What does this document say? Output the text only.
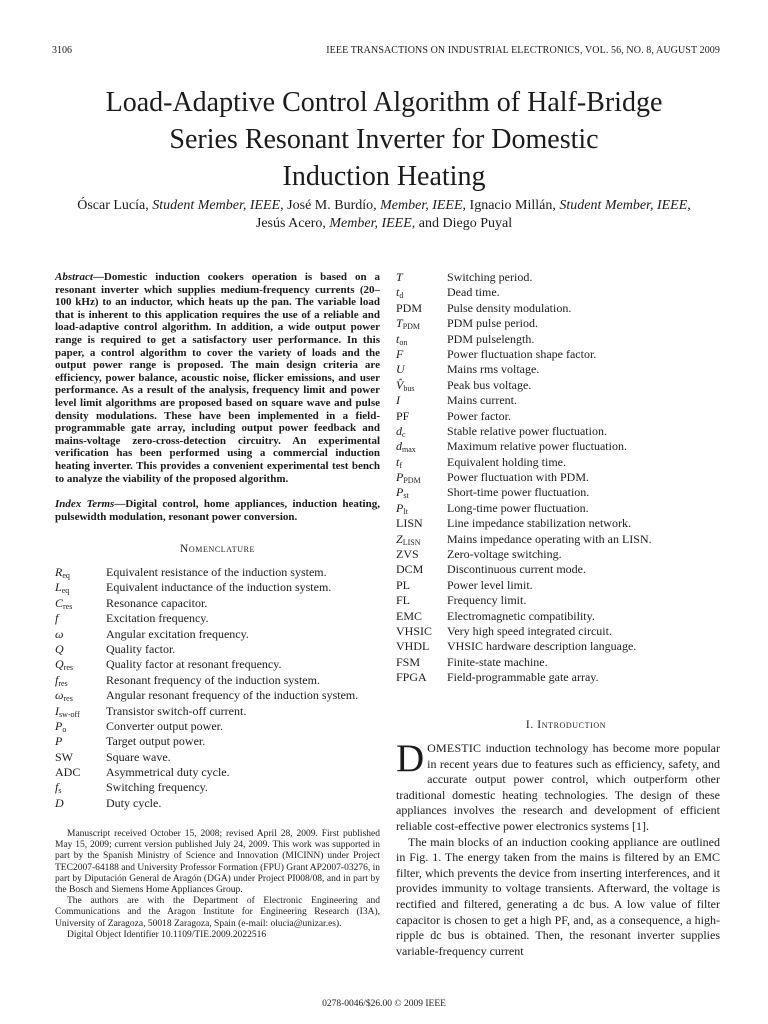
3106	IEEE TRANSACTIONS ON INDUSTRIAL ELECTRONICS, VOL. 56, NO. 8, AUGUST 2009
Load-Adaptive Control Algorithm of Half-Bridge
Series Resonant Inverter for Domestic
Induction Heating
Óscar Lucía, Student Member, IEEE, José M. Burdío, Member, IEEE, Ignacio Millán, Student Member, IEEE,
Jesús Acero, Member, IEEE, and Diego Puyal
Abstract—Domestic induction cookers operation is based on a resonant inverter which supplies medium-frequency currents (20–100 kHz) to an inductor, which heats up the pan. The variable load that is inherent to this application requires the use of a reliable and load-adaptive control algorithm. In addition, a wide output power range is required to get a satisfactory user performance. In this paper, a control algorithm to cover the variety of loads and the output power range is proposed. The main design criteria are efficiency, power balance, acoustic noise, flicker emissions, and user performance. As a result of the analysis, frequency limit and power level limit algorithms are proposed based on square wave and pulse density modulations. These have been implemented in a field-programmable gate array, including output power feedback and mains-voltage zero-cross-detection circuitry. An experimental verification has been performed using a commercial induction heating inverter. This provides a convenient experimental test bench to analyze the viability of the proposed algorithm.
Index Terms—Digital control, home appliances, induction heating, pulsewidth modulation, resonant power conversion.
Nomenclature
$R_{eq}$	Equivalent resistance of the induction system.
$L_{eq}$	Equivalent inductance of the induction system.
$C_{res}$	Resonance capacitor.
f	Excitation frequency.
ω	Angular excitation frequency.
Q	Quality factor.
$Q_{res}$	Quality factor at resonant frequency.
$f_{res}$	Resonant frequency of the induction system.
$\omega_{res}$	Angular resonant frequency of the induction system.
$I_{sw-off}$ Transistor switch-off current.
$P_o$	Converter output power.
P	Target output power.
SW	Square wave.
ADC Asymmetrical duty cycle.
$f_s$	Switching frequency.
D	Duty cycle.
T	Switching period.
$t_d$	Dead time.
PDM Pulse density modulation.
$T_{PDM}$ PDM pulse period.
$t_{on}$	PDM pulselength.
F	Power fluctuation shape factor.
U	Mains rms voltage.
$V̂_{bus}$	Peak bus voltage.
I	Mains current.
PF	Power factor.
$d_c$	Stable relative power fluctuation.
$d_{max}$	Maximum relative power fluctuation.
$t_f$	Equivalent holding time.
$P_{PDM}$ Power fluctuation with PDM.
$P_{st}$	Short-time power fluctuation.
$P_{lt}$	Long-time power fluctuation.
LISN Line impedance stabilization network.
$Z_{LISN}$ Mains impedance operating with an LISN.
ZVS Zero-voltage switching.
DCM Discontinuous current mode.
PL	Power level limit.
FL	Frequency limit.
EMC Electromagnetic compatibility.
VHSIC Very high speed integrated circuit.
VHDL VHSIC hardware description language.
FSM Finite-state machine.
FPGA Field-programmable gate array.

Manuscript received October 15, 2008; revised April 28, 2009. First published May 15, 2009; current version published July 24, 2009. This work was supported in part by the Spanish Ministry of Science and Innovation (MICINN) under Project TEC2007-64188 and University Professor Formation (FPU) Grant AP2007-03276, in part by Diputación General de Aragón (DGA) under Project PI008/08, and in part by the Bosch and Siemens Home Appliances Group.

The authors are with the Department of Electronic Engineering and Communications and the Aragon Institute for Engineering Research (I3A), University of Zaragoza, 50018 Zaragoza, Spain (e-mail: olucia@unizar.es).

Digital Object Identifier 10.1109/TIE.2009.2022516

I. Introduction

DOMESTIC induction technology has become more popular in recent years due to features such as efficiency, safety, and accurate output power control, which outperform other traditional domestic heating technologies. The design of these appliances involves the research and development of efficient reliable cost-effective power electronics systems [1].

The main blocks of an induction cooking appliance are outlined in Fig. 1. The energy taken from the mains is filtered by an EMC filter, which prevents the device from inserting interferences, and it provides immunity to voltage transients. Afterward, the voltage is rectified and filtered, generating a dc bus. A low value of filter capacitor is chosen to get a high PF, and, as a consequence, a high-ripple dc bus is obtained. Then, the resonant inverter supplies variable-frequency current

0278-0046/$26.00 © 2009 IEEE
